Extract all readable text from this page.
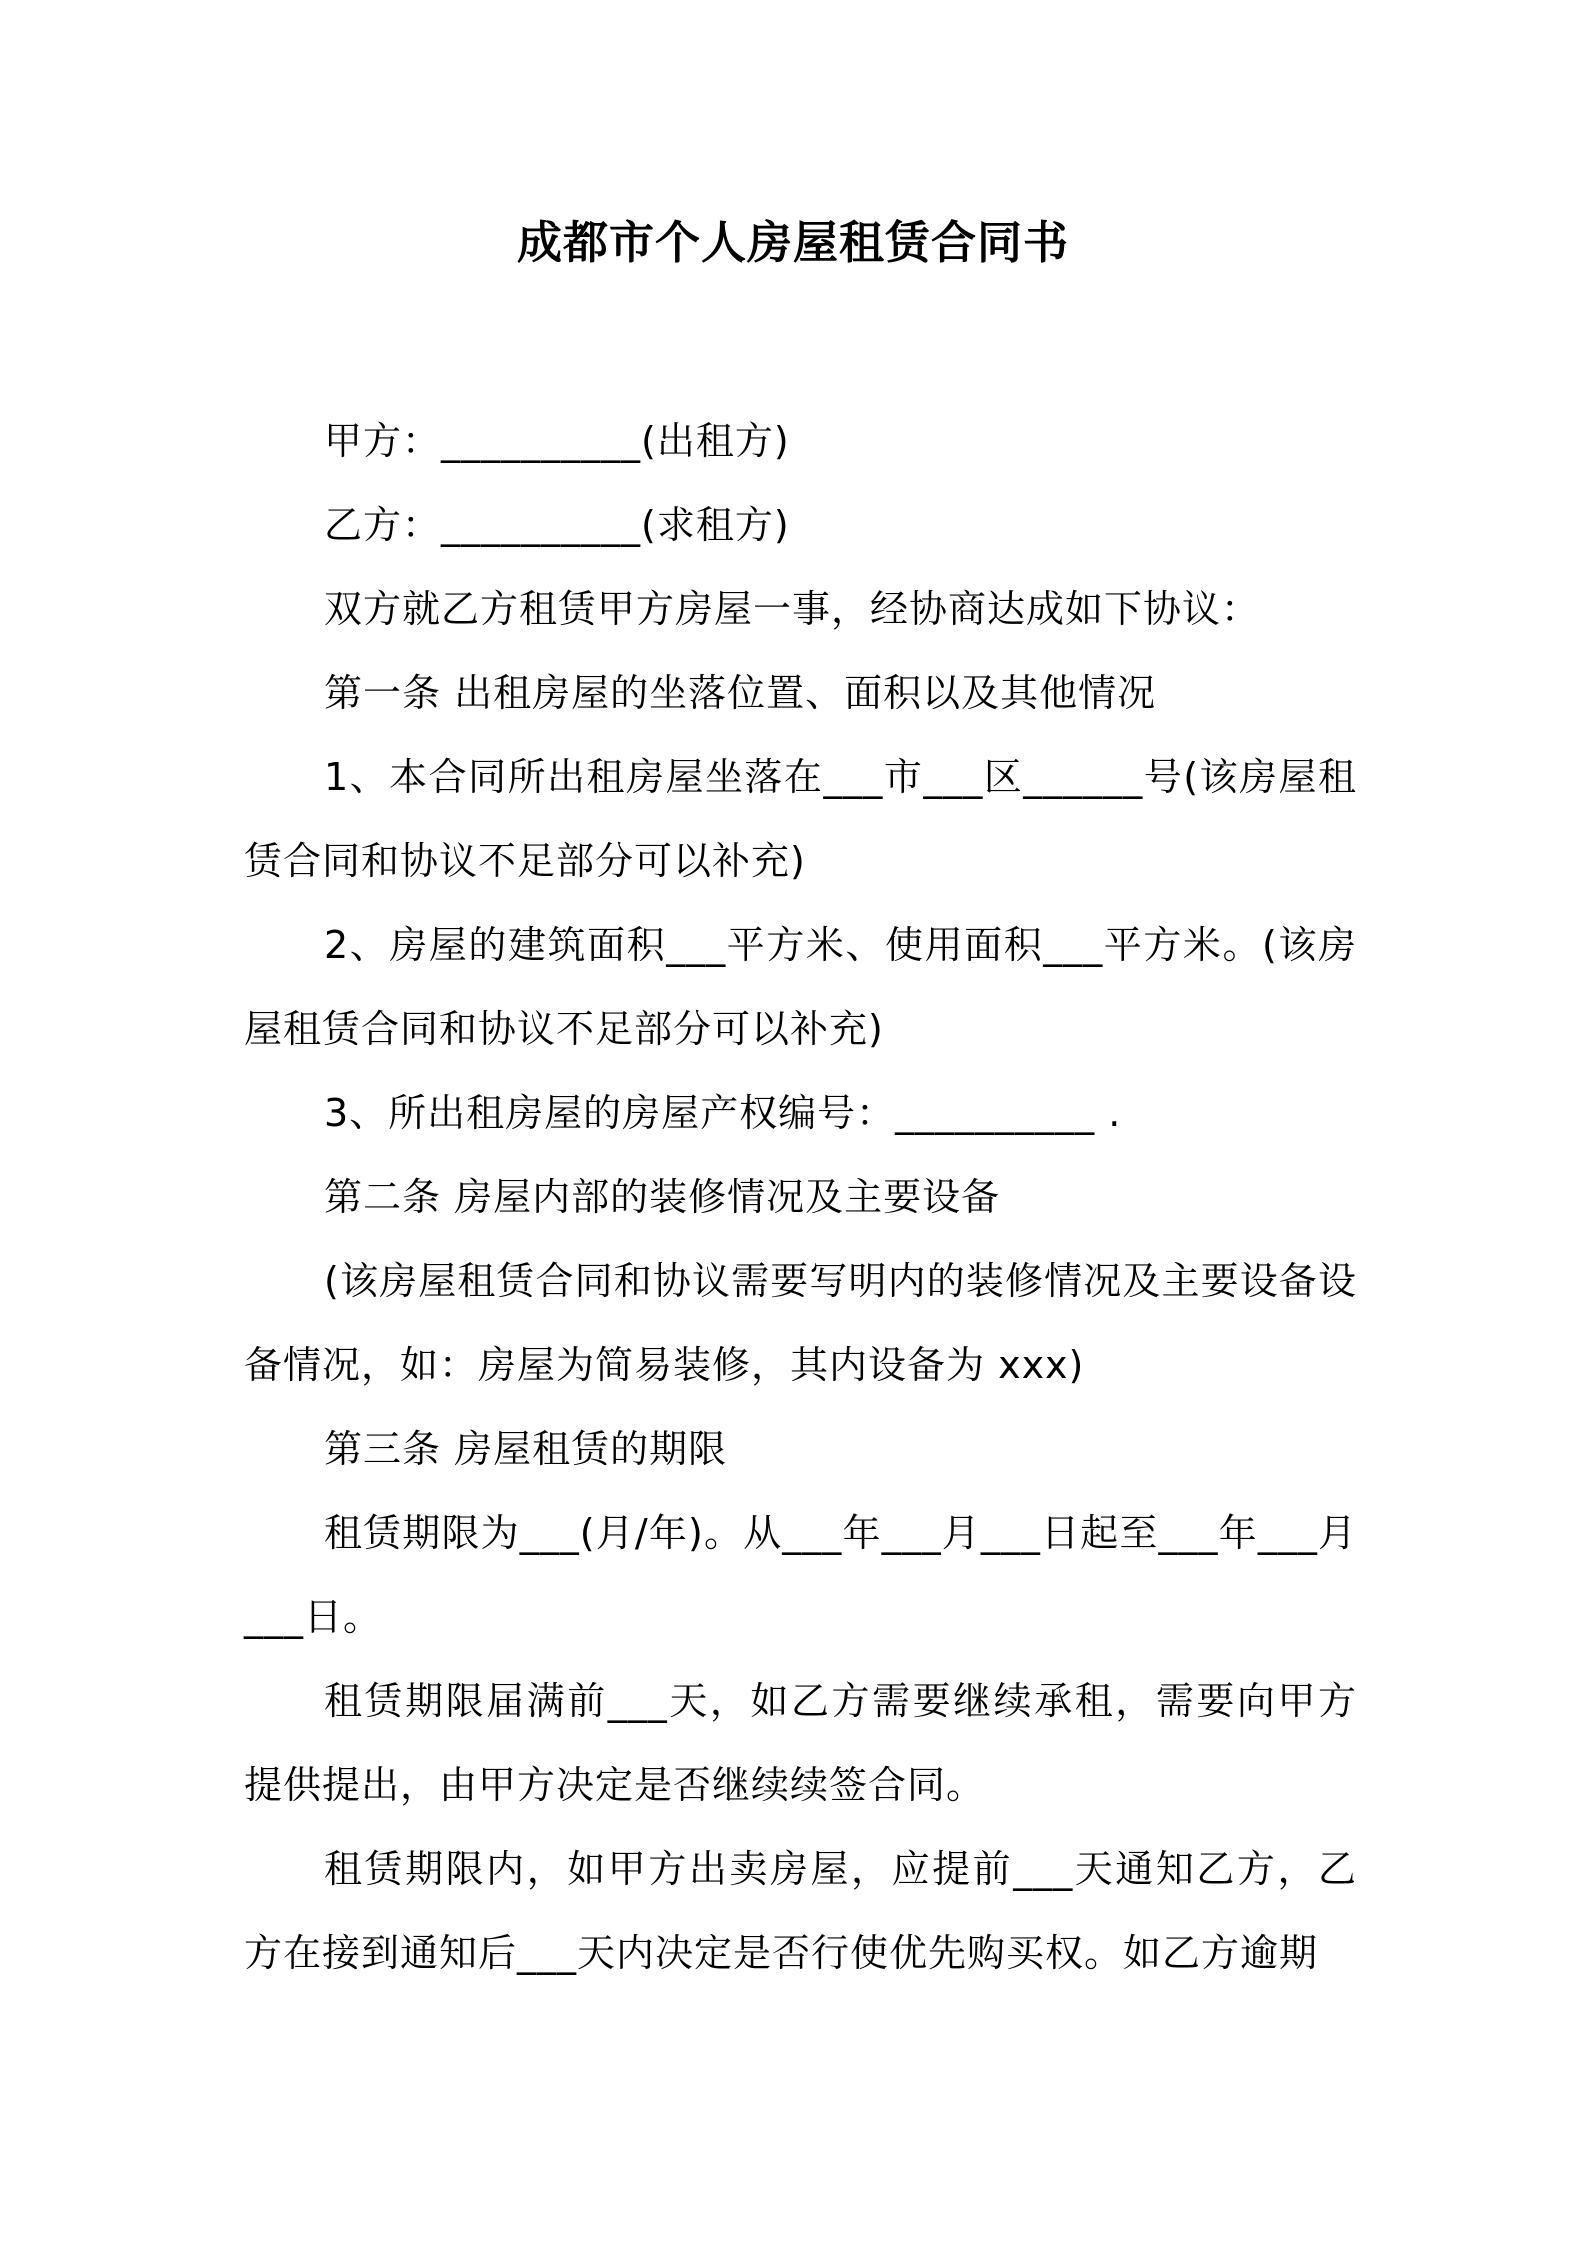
成都市个人房屋租赁合同书

甲方：__________(出租方)

乙方：__________(求租方)

双方就乙方租赁甲方房屋一事，经协商达成如下协议：

第一条 出租房屋的坐落位置、面积以及其他情况

1、本合同所出租房屋坐落在___市___区______号(该房屋租赁合同和协议不足部分可以补充)

2、房屋的建筑面积___平方米、使用面积___平方米。(该房屋租赁合同和协议不足部分可以补充)

3、所出租房屋的房屋产权编号：__________ .

第二条 房屋内部的装修情况及主要设备

(该房屋租赁合同和协议需要写明内的装修情况及主要设备设备情况，如：房屋为简易装修，其内设备为 xxx)

第三条 房屋租赁的期限

租赁期限为___(月/年)。从___年___月___日起至___年___月___日。

租赁期限届满前___天，如乙方需要继续承租，需要向甲方提供提出，由甲方决定是否继续续签合同。

租赁期限内，如甲方出卖房屋，应提前___天通知乙方，乙方在接到通知后___天内决定是否行使优先购买权。如乙方逾期
